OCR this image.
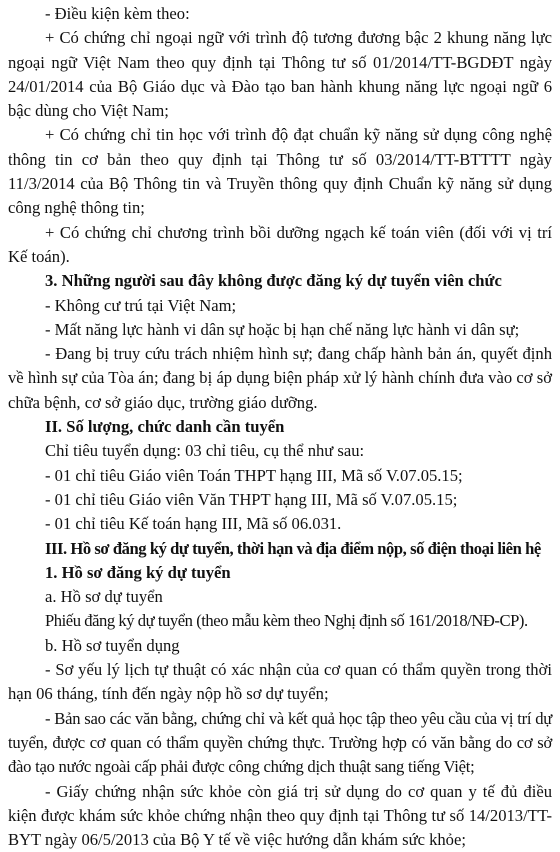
- Điều kiện kèm theo:

+ Có chứng chỉ ngoại ngữ với trình độ tương đương bậc 2 khung năng lực ngoại ngữ Việt Nam theo quy định tại Thông tư số 01/2014/TT-BGDĐT ngày 24/01/2014 của Bộ Giáo dục và Đào tạo ban hành khung năng lực ngoại ngữ 6 bậc dùng cho Việt Nam;

+ Có chứng chỉ tin học với trình độ đạt chuẩn kỹ năng sử dụng công nghệ thông tin cơ bản theo quy định tại Thông tư số 03/2014/TT-BTTTT ngày 11/3/2014 của Bộ Thông tin và Truyền thông quy định Chuẩn kỹ năng sử dụng công nghệ thông tin;

+ Có chứng chỉ chương trình bồi dưỡng ngạch kế toán viên (đối với vị trí Kế toán).

3. Những người sau đây không được đăng ký dự tuyển viên chức

- Không cư trú tại Việt Nam;

- Mất năng lực hành vi dân sự hoặc bị hạn chế năng lực hành vi dân sự;

- Đang bị truy cứu trách nhiệm hình sự; đang chấp hành bản án, quyết định về hình sự của Tòa án; đang bị áp dụng biện pháp xử lý hành chính đưa vào cơ sở chữa bệnh, cơ sở giáo dục, trường giáo dưỡng.

II. Số lượng, chức danh cần tuyển

Chỉ tiêu tuyển dụng: 03 chỉ tiêu, cụ thể như sau:

- 01 chỉ tiêu Giáo viên Toán THPT hạng III, Mã số V.07.05.15;

- 01 chỉ tiêu Giáo viên Văn THPT hạng III, Mã số V.07.05.15;

- 01 chỉ tiêu Kế toán hạng III, Mã số 06.031.

III. Hồ sơ đăng ký dự tuyển, thời hạn và địa điểm nộp, số điện thoại liên hệ

1. Hồ sơ đăng ký dự tuyển

a. Hồ sơ dự tuyển

Phiếu đăng ký dự tuyển (theo mẫu kèm theo Nghị định số 161/2018/NĐ-CP).

b. Hồ sơ tuyển dụng

- Sơ yếu lý lịch tự thuật có xác nhận của cơ quan có thẩm quyền trong thời hạn 06 tháng, tính đến ngày nộp hồ sơ dự tuyển;

- Bản sao các văn bằng, chứng chỉ và kết quả học tập theo yêu cầu của vị trí dự tuyển, được cơ quan có thẩm quyền chứng thực. Trường hợp có văn bằng do cơ sở đào tạo nước ngoài cấp phải được công chứng dịch thuật sang tiếng Việt;

- Giấy chứng nhận sức khỏe còn giá trị sử dụng do cơ quan y tế đủ điều kiện được khám sức khỏe chứng nhận theo quy định tại Thông tư số 14/2013/TT-BYT ngày 06/5/2013 của Bộ Y tế về việc hướng dẫn khám sức khỏe;
